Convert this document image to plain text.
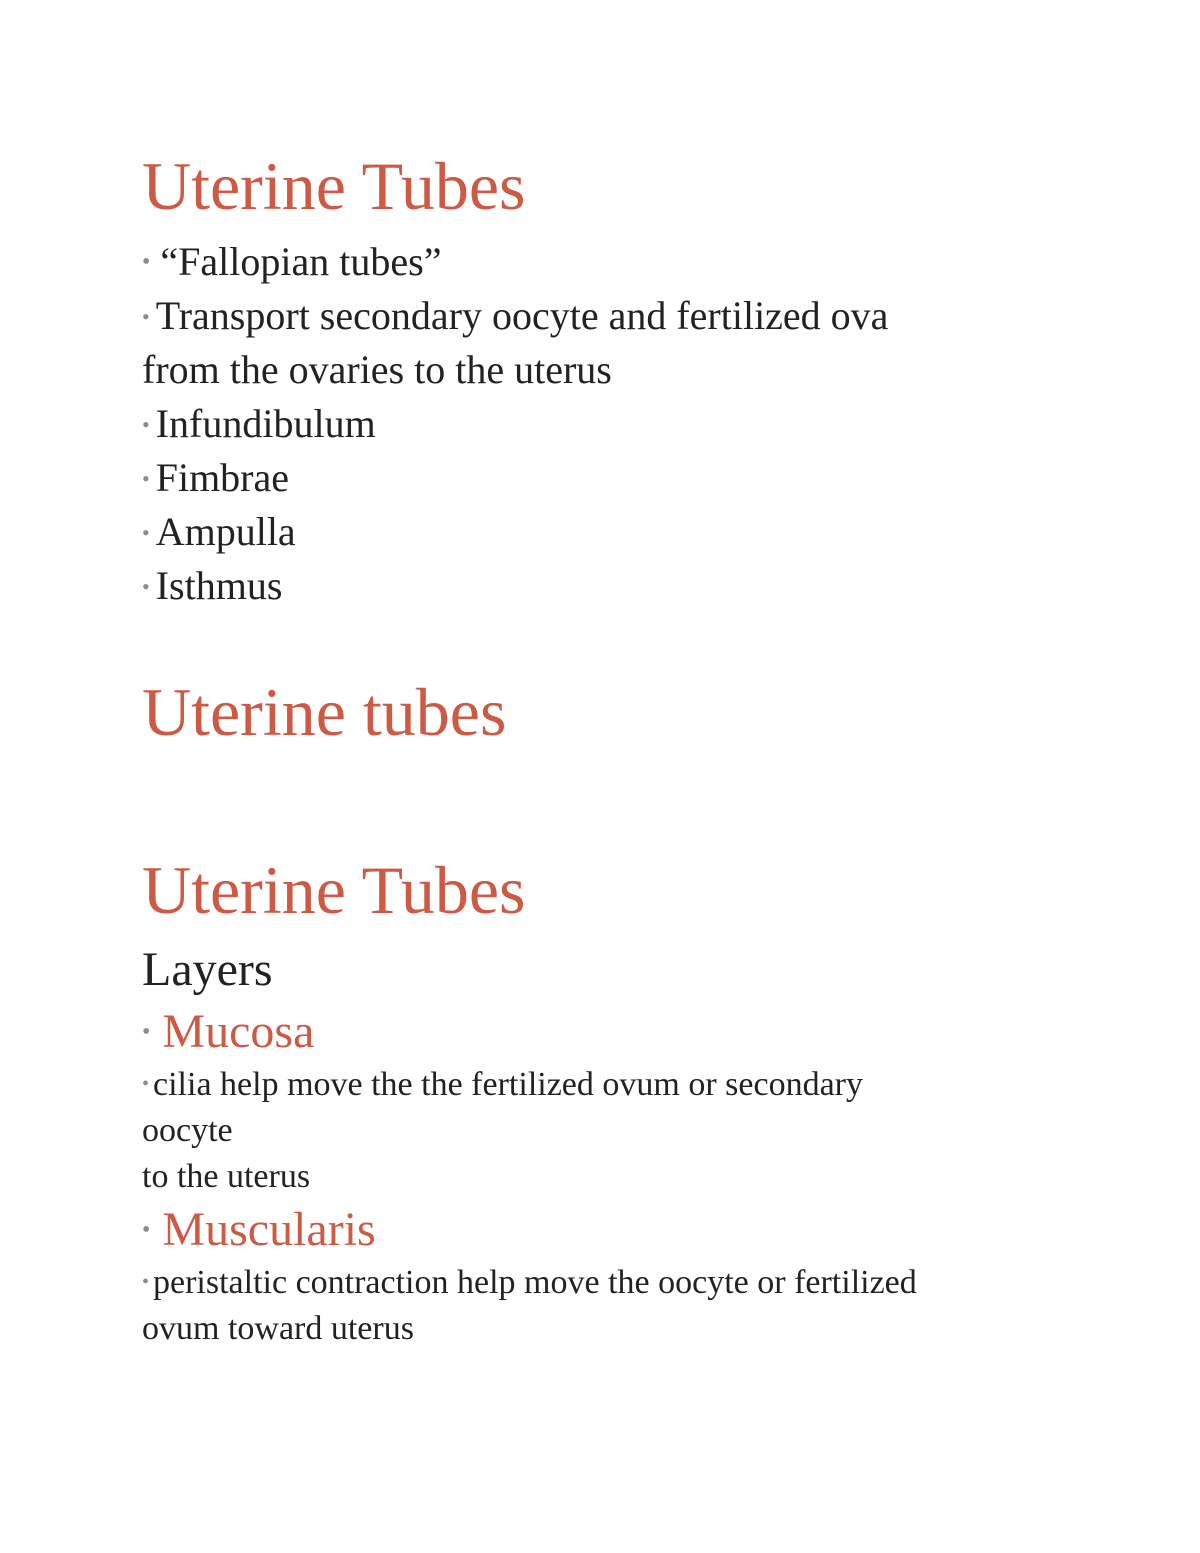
Uterine Tubes

• “Fallopian tubes”

• Transport secondary oocyte and fertilized ova

from the ovaries to the uterus

• Infundibulum

• Fimbrae

• Ampulla

• Isthmus

Uterine tubes
Uterine Tubes

Layers

• Mucosa

• cilia help move the the fertilized ovum or secondary

oocyte

to the uterus

• Muscularis

• peristaltic contraction help move the oocyte or fertilized

ovum toward uterus
